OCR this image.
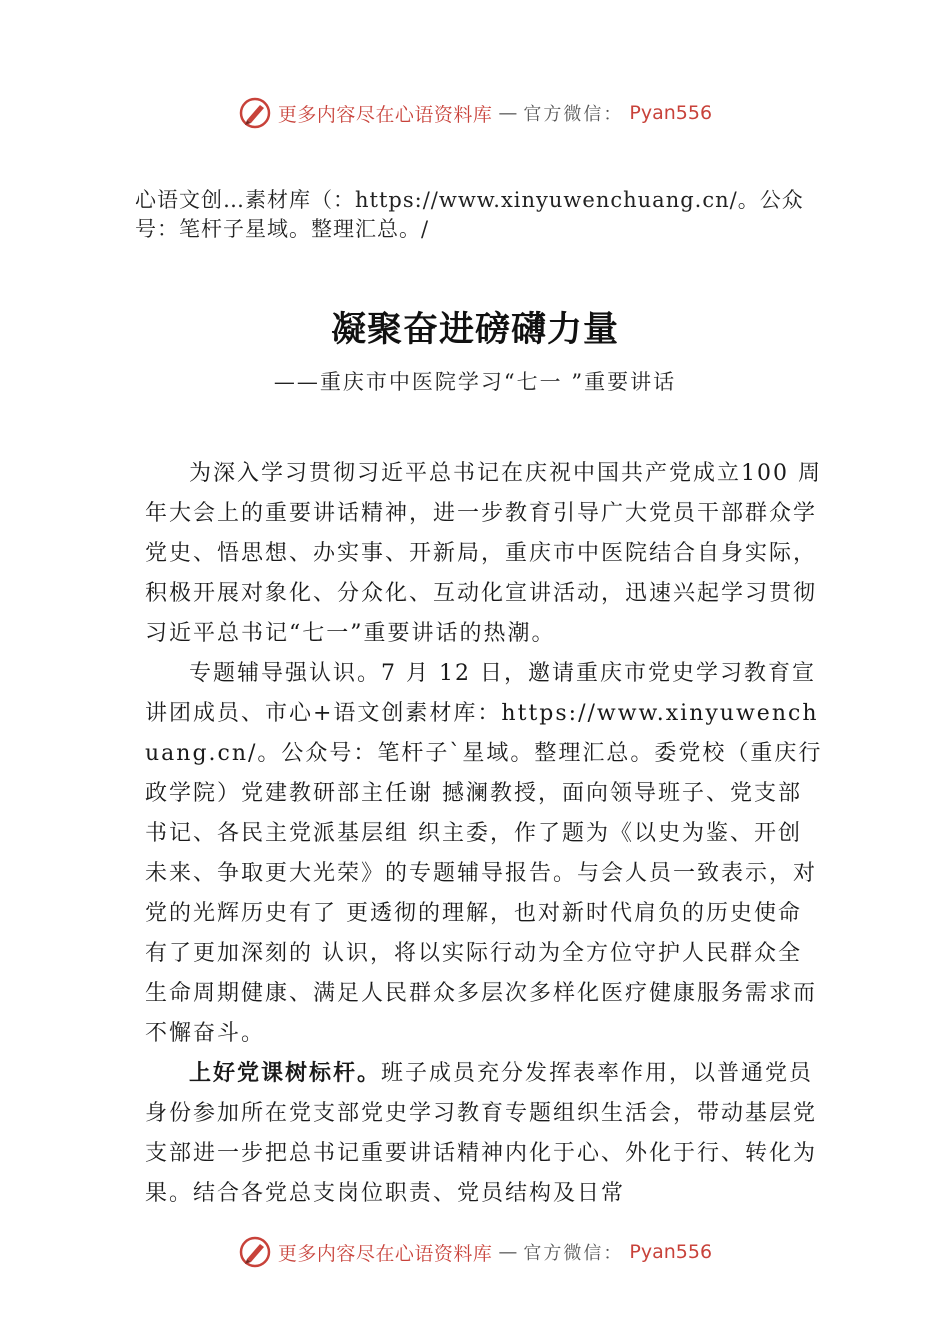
更多内容尽在心语资料库 — 官方微信： Pyan556
心语文创…素材库（：https://www.xinyuwenchuang.cn/。公众号：笔杆子星域。整理汇总。/
凝聚奋进磅礴力量
——重庆市中医院学习“七一 ”重要讲话

为深入学习贯彻习近平总书记在庆祝中国共产党成立100 周年大会上的重要讲话精神，进一步教育引导广大党员干部群众学党史、悟思想、办实事、开新局，重庆市中医院结合自身实际，积极开展对象化、分众化、互动化宣讲活动，迅速兴起学习贯彻习近平总书记“七一”重要讲话的热潮。

专题辅导强认识。7 月 12 日，邀请重庆市党史学习教育宣讲团成员、市心+语文创素材库：https://www.xinyuwenchuang.cn/。公众号：笔杆子`星域。整理汇总。委党校（重庆行政学院）党建教研部主任谢 撼澜教授，面向领导班子、党支部书记、各民主党派基层组 织主委，作了题为《以史为鉴、开创未来、争取更大光荣》的专题辅导报告。与会人员一致表示，对党的光辉历史有了 更透彻的理解，也对新时代肩负的历史使命有了更加深刻的 认识，将以实际行动为全方位守护人民群众全生命周期健康、满足人民群众多层次多样化医疗健康服务需求而不懈奋斗。

上好党课树标杆。班子成员充分发挥表率作用，以普通党员身份参加所在党支部党史学习教育专题组织生活会，带动基层党支部进一步把总书记重要讲话精神内化于心、外化于行、转化为果。结合各党总支岗位职责、党员结构及日常

更多内容尽在心语资料库 — 官方微信： Pyan556
